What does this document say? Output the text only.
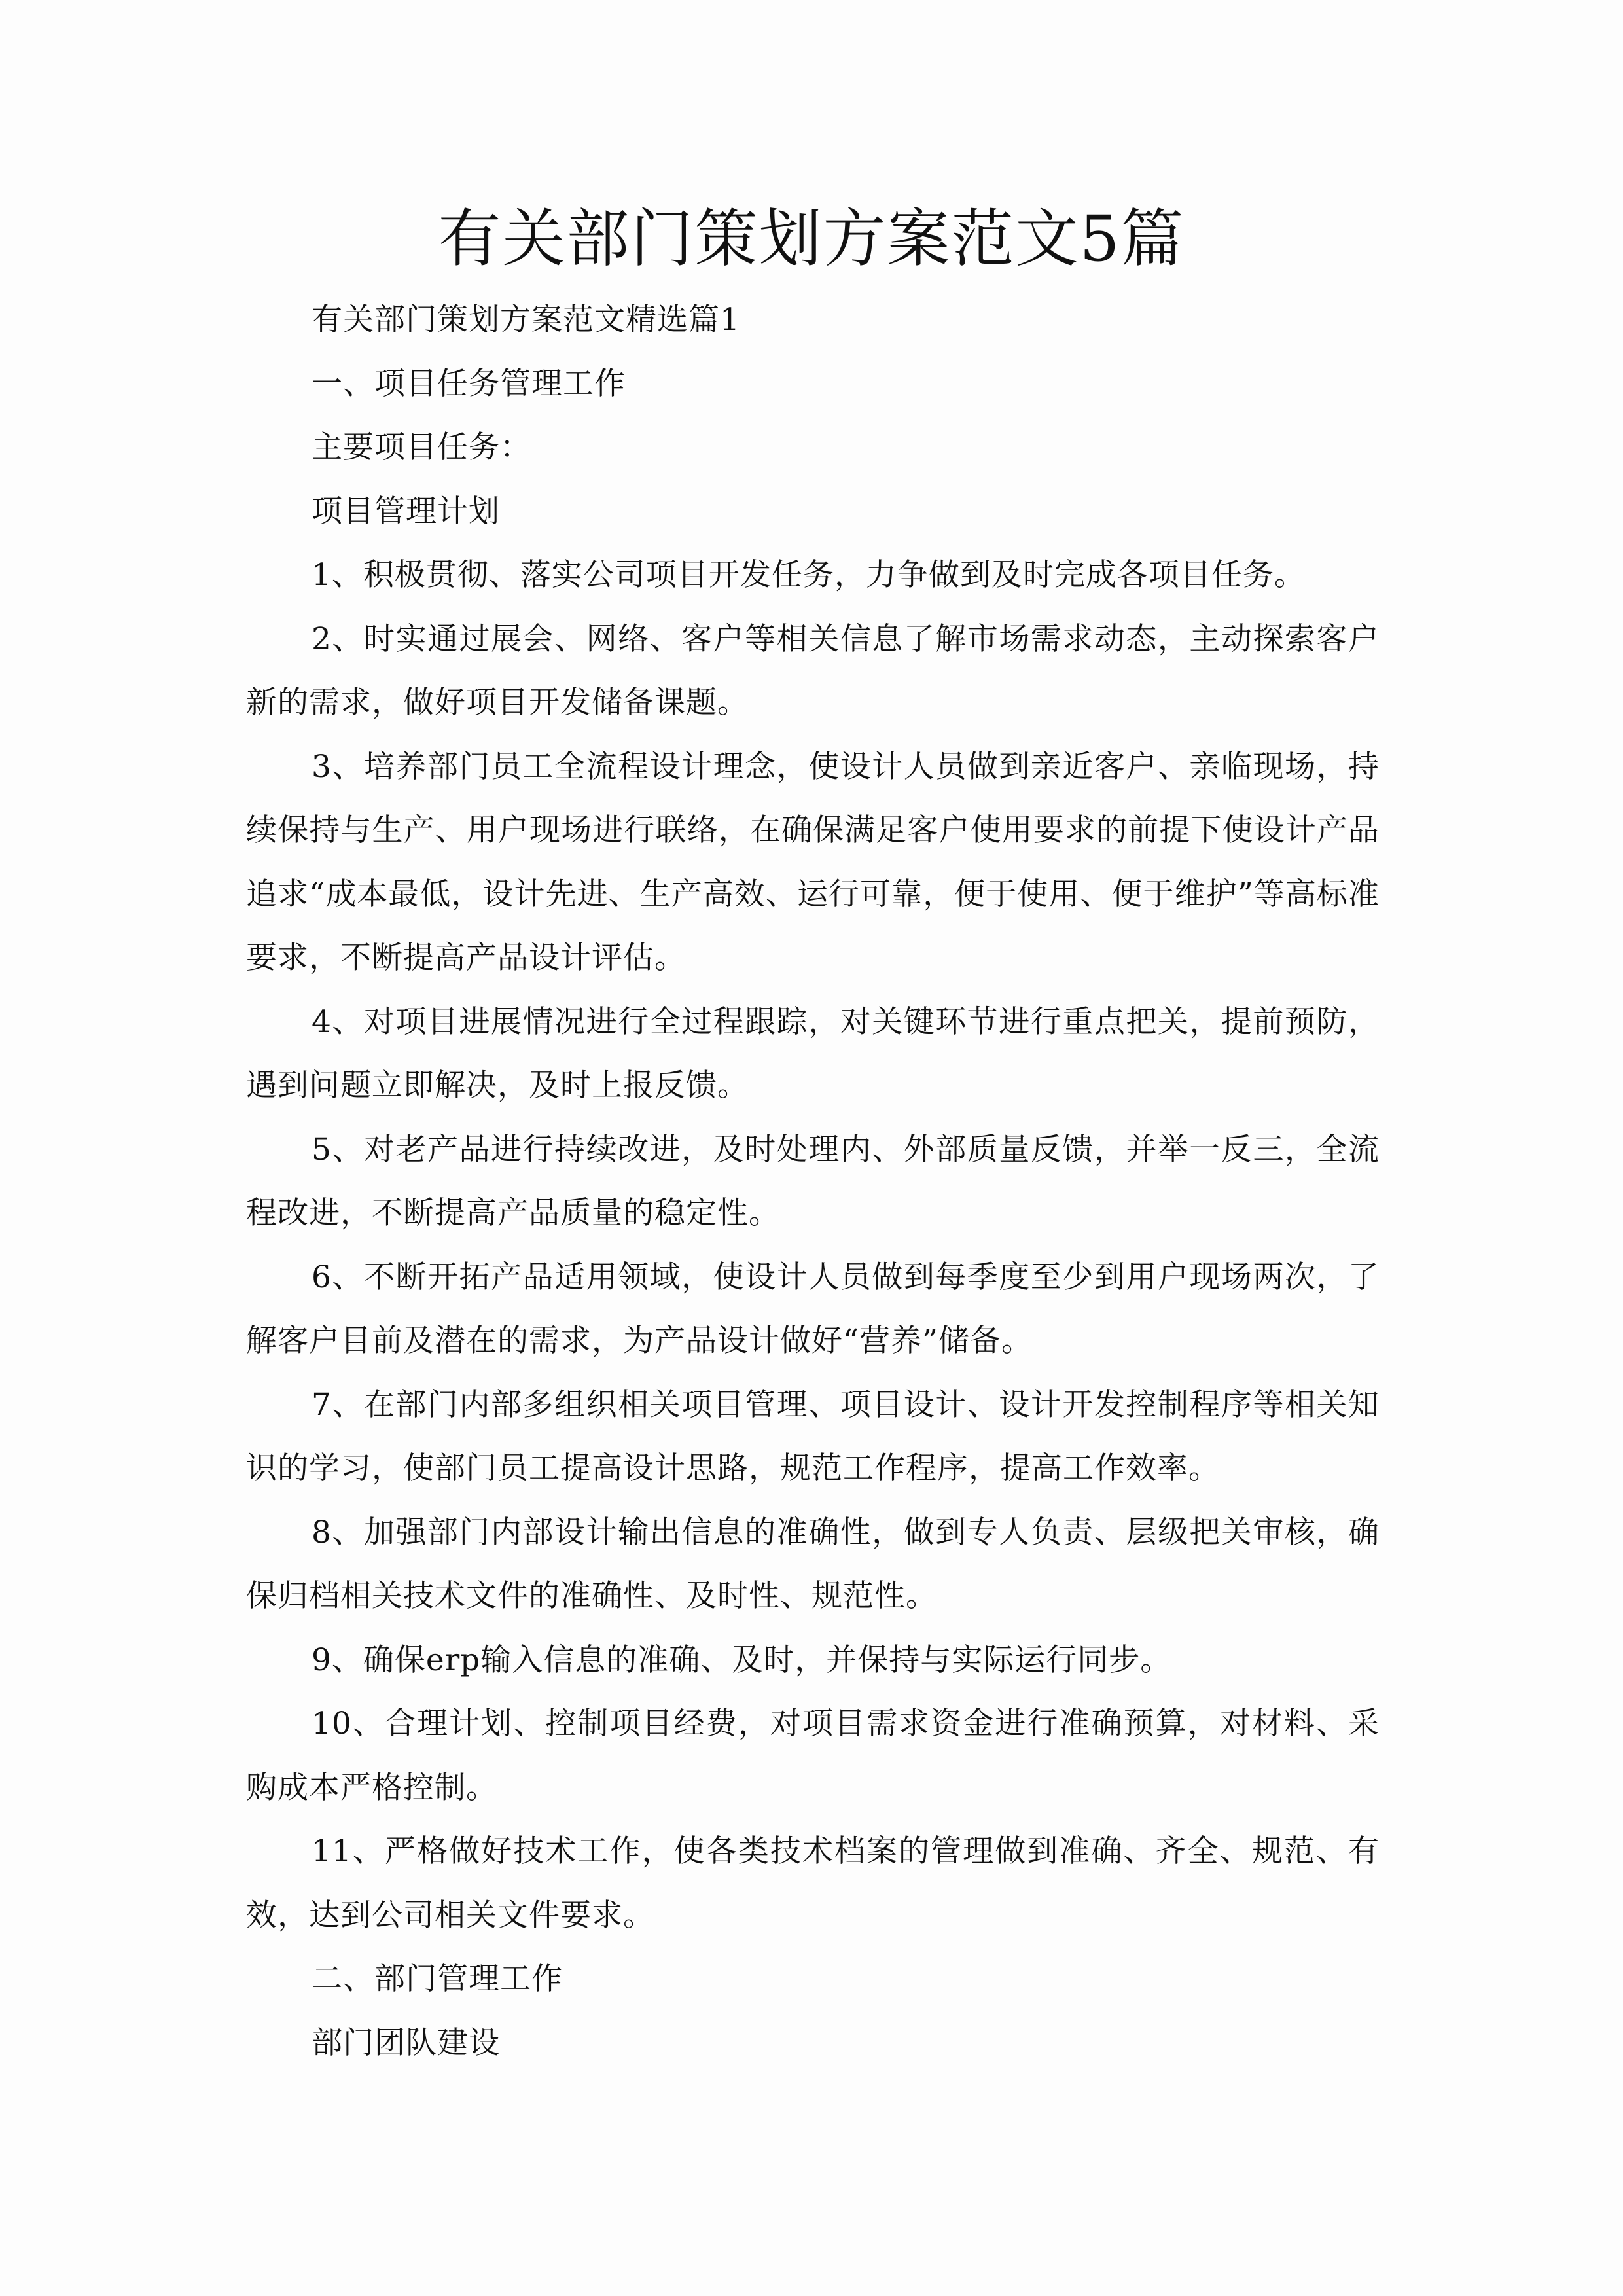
有关部门策划方案范文5篇

有关部门策划方案范文精选篇1

一、项目任务管理工作

主要项目任务：

项目管理计划

1、积极贯彻、落实公司项目开发任务，力争做到及时完成各项目任务。

2、时实通过展会、网络、客户等相关信息了解市场需求动态，主动探索客户新的需求，做好项目开发储备课题。

3、培养部门员工全流程设计理念，使设计人员做到亲近客户、亲临现场，持续保持与生产、用户现场进行联络，在确保满足客户使用要求的前提下使设计产品追求“成本最低，设计先进、生产高效、运行可靠，便于使用、便于维护”等高标准要求，不断提高产品设计评估。

4、对项目进展情况进行全过程跟踪，对关键环节进行重点把关，提前预防，遇到问题立即解决，及时上报反馈。

5、对老产品进行持续改进，及时处理内、外部质量反馈，并举一反三，全流程改进，不断提高产品质量的稳定性。

6、不断开拓产品适用领域，使设计人员做到每季度至少到用户现场两次，了解客户目前及潜在的需求，为产品设计做好“营养”储备。

7、在部门内部多组织相关项目管理、项目设计、设计开发控制程序等相关知识的学习，使部门员工提高设计思路，规范工作程序，提高工作效率。

8、加强部门内部设计输出信息的准确性，做到专人负责、层级把关审核，确保归档相关技术文件的准确性、及时性、规范性。

9、确保erp输入信息的准确、及时，并保持与实际运行同步。

10、合理计划、控制项目经费，对项目需求资金进行准确预算，对材料、采购成本严格控制。

11、严格做好技术工作，使各类技术档案的管理做到准确、齐全、规范、有效，达到公司相关文件要求。

二、部门管理工作

部门团队建设
